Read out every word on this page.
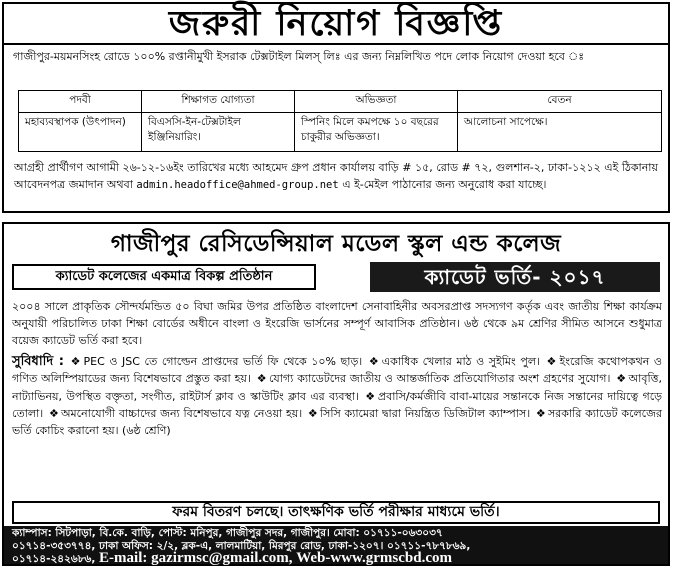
জরুরী নিয়োগ বিজ্ঞপ্তি
গাজীপুর-ময়মনসিংহ রোডে ১০০% রপ্তানীমুখী ইসরাক টেক্সটাইল মিলস্ লিঃ এর জন্য নিম্নলিখিত পদে লোক নিয়োগ দেওয়া হবে ঃ
পদবী	শিক্ষাগত যোগ্যতা	অভিজ্ঞতা	বেতন
মহাব্যবস্থাপক (উৎপাদন)	বিএসসি-ইন-টেক্সটাইল ইঞ্জিনিয়ারিং।	স্পিনিং মিলে কমপক্ষে ১০ বছরের চাকুরীর অভিজ্ঞতা।	আলোচনা সাপেক্ষে।
আগ্রহী প্রার্থীগণ আগামী ২৬-১২-১৬ইং তারিখের মধ্যে আহমেদ গ্রুপ প্রধান কার্যালয় বাড়ি # ১৫, রোড # ৭২, গুলশান-২, ঢাকা-১২১২ এই ঠিকানায় আবেদনপত্র জমাদান অথবা admin.headoffice@ahmed-group.net এ ই-মেইল পাঠানোর জন্য অনুরোধ করা যাচ্ছে।
গাজীপুর রেসিডেন্সিয়াল মডেল স্কুল এন্ড কলেজ
ক্যাডেট কলেজের একমাত্র বিকল্প প্রতিষ্ঠান	ক্যাডেট ভর্তি- ২০১৭
২০০৪ সালে প্রাকৃতিক সৌন্দর্যমন্ডিত ৫০ বিঘা জমির উপর প্রতিষ্ঠিত বাংলাদেশ সেনাবাহিনীর অবসরপ্রাপ্ত সদস্যগণ কর্তৃক এবং জাতীয় শিক্ষা কার্যক্রম অনুযায়ী পরিচালিত ঢাকা শিক্ষা বোর্ডের অধীনে বাংলা ও ইংরেজি ভার্সনের সম্পূর্ণ আবাসিক প্রতিষ্ঠান। ৬ষ্ঠ থেকে ৯ম শ্রেণির সীমিত আসনে শুধুমাত্র বয়েজ ক্যাডেট ভর্তি করা হবে।
সুবিধাদি : ❖ PEC ও JSC তে গোল্ডেন প্রাপ্তদের ভর্তি ফি থেকে ১০% ছাড়। ❖ একাধিক খেলার মাঠ ও সুইমিং পুল। ❖ ইংরেজি কথোপকথন ও গণিত অলিম্পিয়াডের জন্য বিশেষভাবে প্রস্তুত করা হয়। ❖ যোগ্য ক্যাডেটদের জাতীয় ও আন্তর্জাতিক প্রতিযোগিতার অংশ গ্রহণের সুযোগ। ❖ আবৃত্তি, নাট্যাভিনয়, উপস্থিত বক্তৃতা, সংগীত, রাইটার্স ক্লাব ও স্কাউটিং ক্লাব এর ব্যবস্থা। ❖ প্রবাসি/কর্মজীবি বাবা-মায়ের সন্তানকে নিজ সন্তানের দায়িত্বে গড়ে তোলা। ❖ অমনোযোগী বাচ্চাদের জন্য বিশেষভাবে যত্ন নেওয়া হয়। ❖ সিসি ক্যামেরা দ্বারা নিয়ন্ত্রিত ডিজিটাল ক্যাম্পাস। ❖ সরকারি ক্যাডেট কলেজের ভর্তি কোচিং করানো হয়। (৬ষ্ঠ শ্রেণি)
ফরম বিতরণ চলছে। তাৎক্ষণিক ভর্তি পরীক্ষার মাধ্যমে ভর্তি।
ক্যাম্পাস: সিটপাড়া, বি.কে. বাড়ি, পোস্ট: মনিপুর, গাজীপুর সদর, গাজীপুর। মোবা: ০১৭১১-০৬৩০৩৭
০১৭১৪-৩৫৩৭৭৪, ঢাকা অফিস: ২/২, ব্লক-এ, লালমাটিয়া, মিরপুর রোড, ঢাকা-১২০৭। ০১৭১১-৭৮৭৮৬৯,
০১৭১৪-২৪২৬৮৬, E-mail: gazirmsc@gmail.com, Web-www.grmscbd.com
